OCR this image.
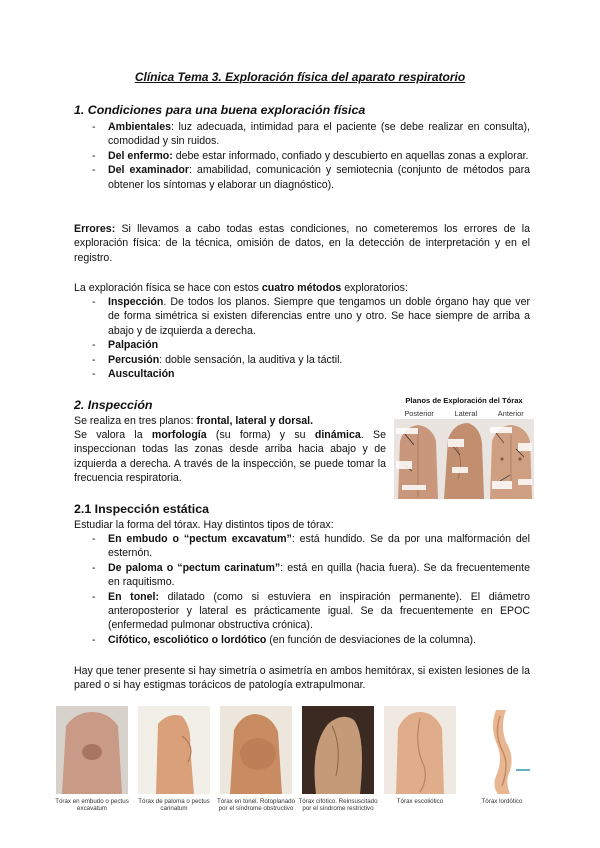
Clínica Tema 3. Exploración física del aparato respiratorio
1. Condiciones para una buena exploración física
- Ambientales: luz adecuada, intimidad para el paciente (se debe realizar en consulta), comodidad y sin ruidos.
- Del enfermo: debe estar informado, confiado y descubierto en aquellas zonas a explorar.
- Del examinador: amabilidad, comunicación y semiotecnia (conjunto de métodos para obtener los síntomas y elaborar un diagnóstico).
Errores: Si llevamos a cabo todas estas condiciones, no cometeremos los errores de la exploración física: de la técnica, omisión de datos, en la detección de interpretación y en el registro.
La exploración física se hace con estos cuatro métodos exploratorios:
- Inspección. De todos los planos. Siempre que tengamos un doble órgano hay que ver de forma simétrica si existen diferencias entre uno y otro. Se hace siempre de arriba a abajo y de izquierda a derecha.
- Palpación
- Percusión: doble sensación, la auditiva y la táctil.
- Auscultación
2. Inspección
Se realiza en tres planos: frontal, lateral y dorsal.
Se valora la morfología (su forma) y su dinámica. Se inspeccionan todas las zonas desde arriba hacia abajo y de izquierda a derecha. A través de la inspección, se puede tomar la frecuencia respiratoria.
Planos de Exploración del Tórax
Posterior	Lateral	Anterior
2.1 Inspección estática
Estudiar la forma del tórax. Hay distintos tipos de tórax:
- En embudo o “pectum excavatum”: está hundido. Se da por una malformación del esternón.
- De paloma o “pectum carinatum”: está en quilla (hacia fuera). Se da frecuentemente en raquitismo.
- En tonel: dilatado (como si estuviera en inspiración permanente). El diámetro anteroposterior y lateral es prácticamente igual. Se da frecuentemente en EPOC (enfermedad pulmonar obstructiva crónica).
- Cifótico, escoliótico o lordótico (en función de desviaciones de la columna).
Hay que tener presente si hay simetría o asimetría en ambos hemitórax, si existen lesiones de la pared o si hay estigmas torácicos de patología extrapulmonar.
Tórax en embudo o pectus excavatum
Tórax de paloma o pectus carinatum
Tórax en tonel. Rotoplanado por el síndrome obstructivo
Tórax cifótico. Reinsuscitado por el síndrome restrictivo
Tórax escoliótico	Tórax lordótico
